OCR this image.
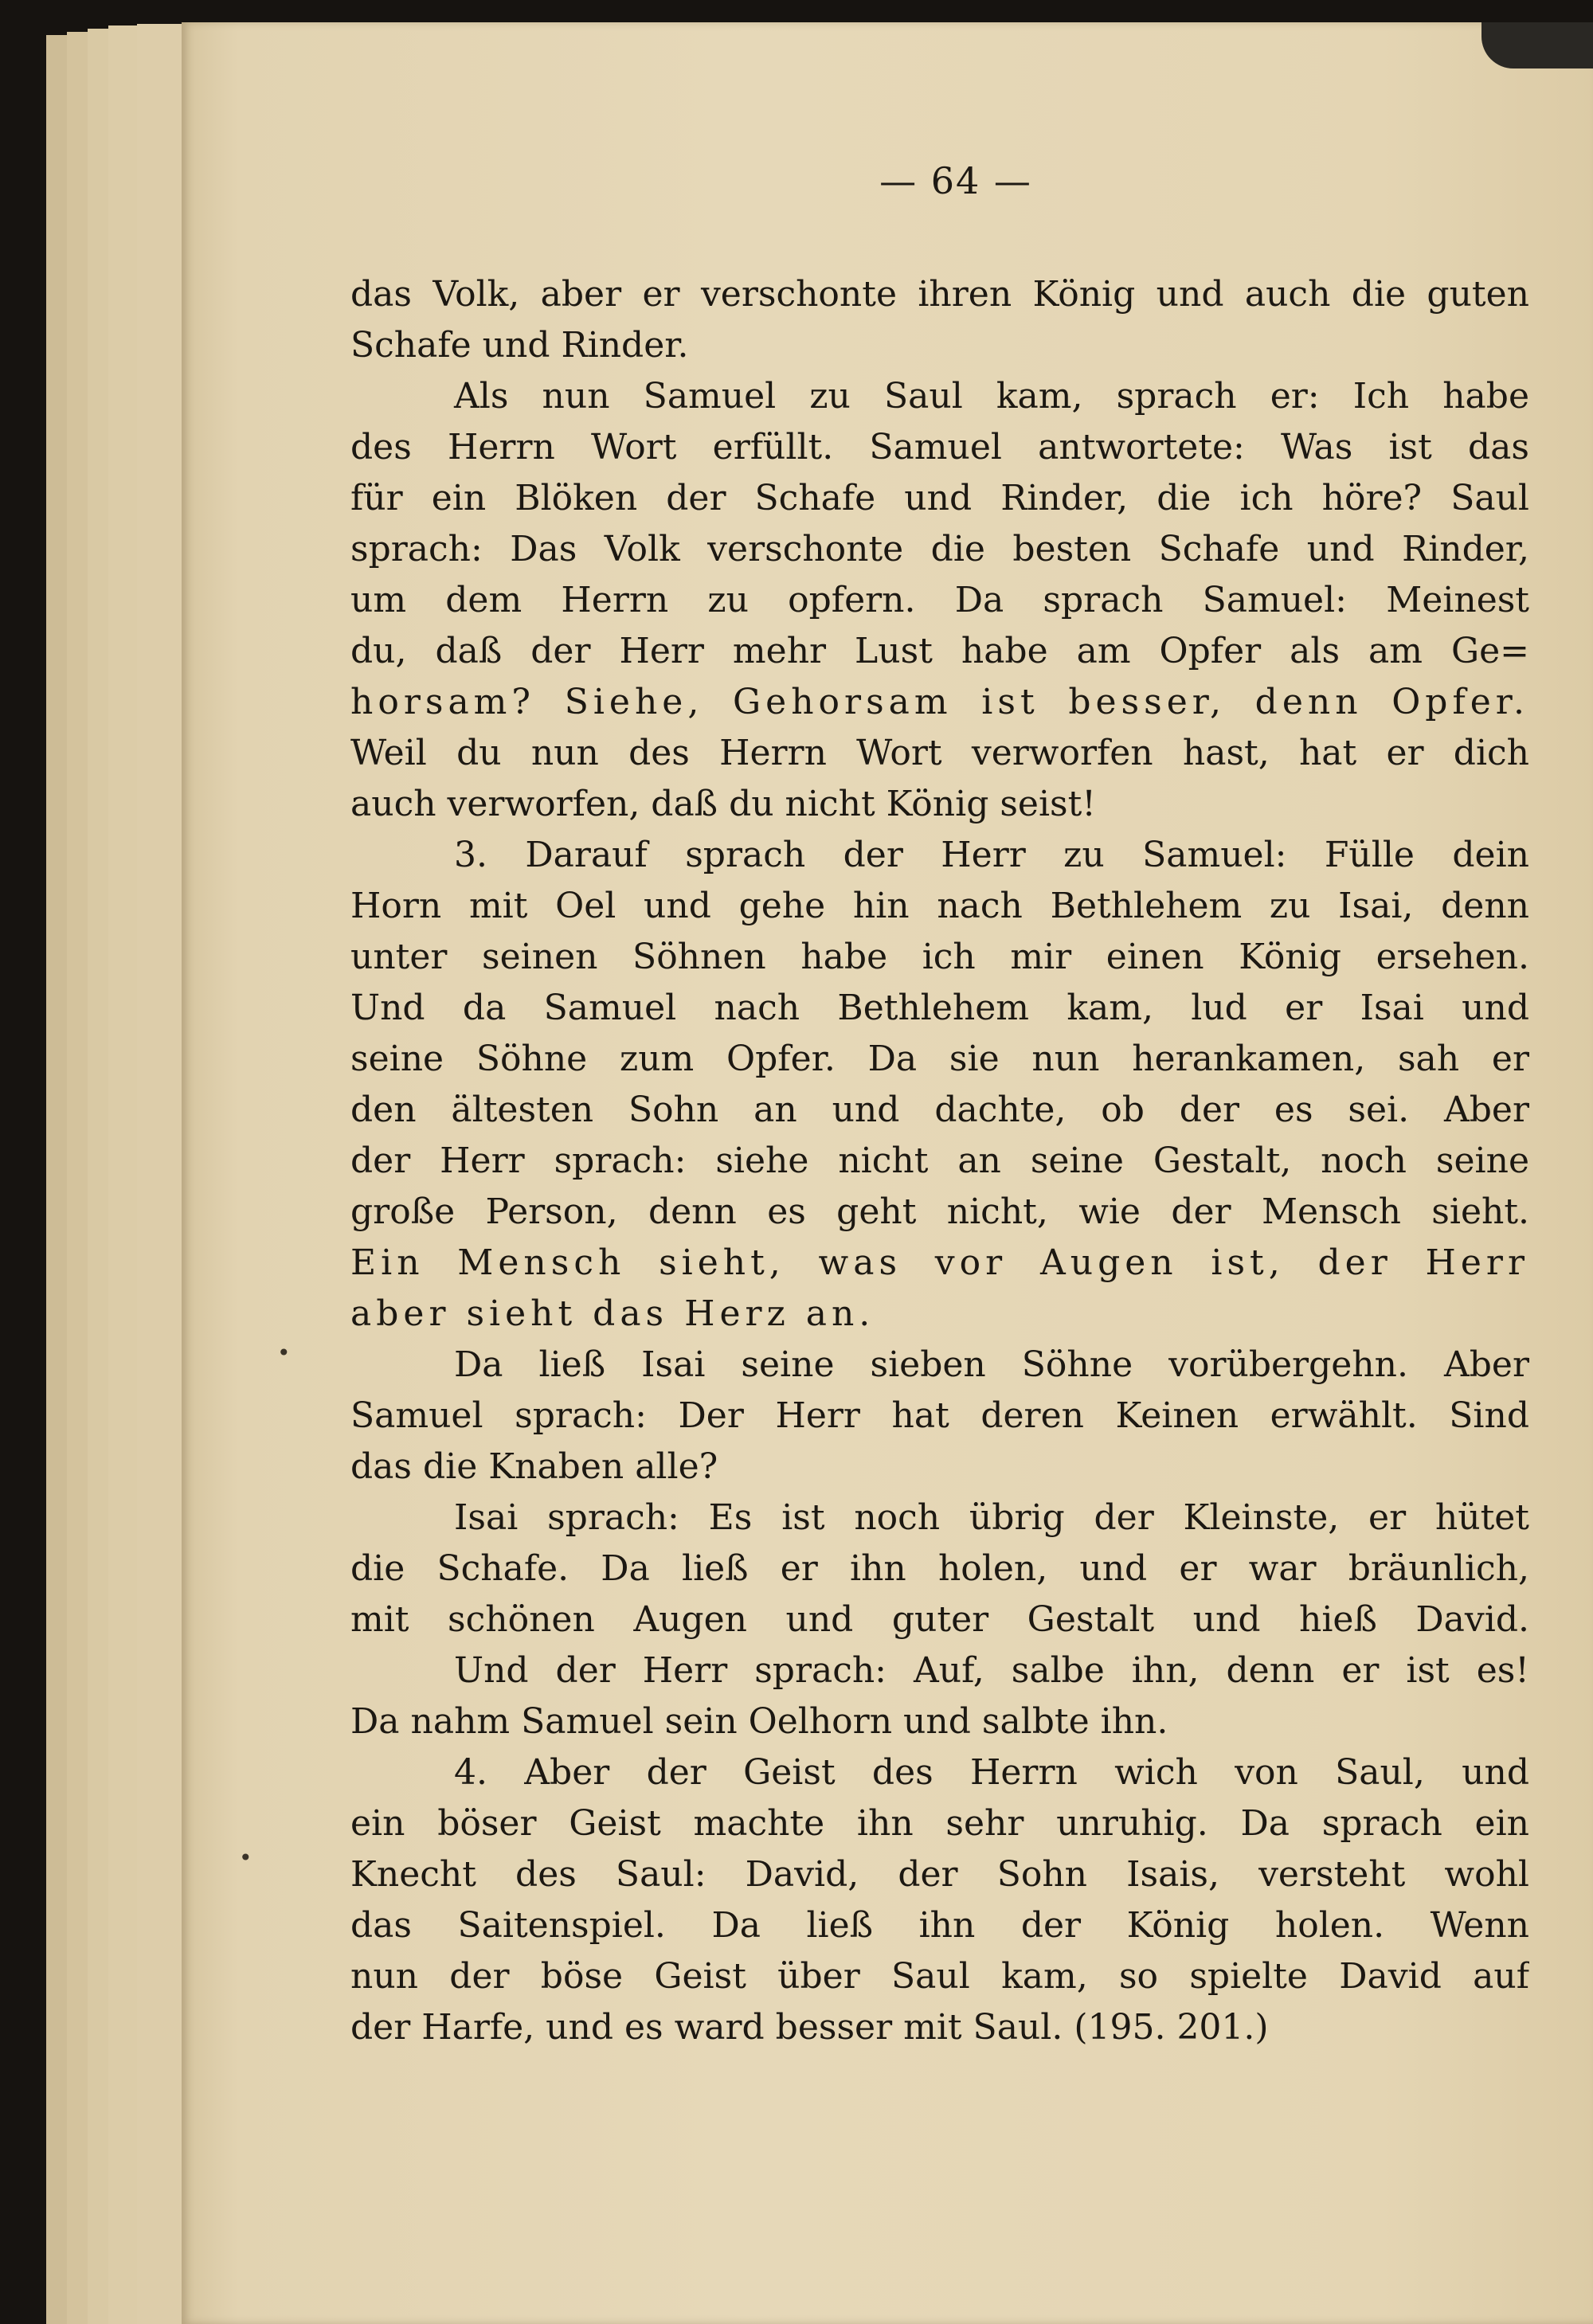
— 64 —
das Volk, aber er verschonte ihren König und auch die guten
Schafe und Rinder.
Als nun Samuel zu Saul kam, sprach er: Ich habe
des Herrn Wort erfüllt. Samuel antwortete: Was ist das
für ein Blöken der Schafe und Rinder, die ich höre? Saul
sprach: Das Volk verschonte die besten Schafe und Rinder,
um dem Herrn zu opfern. Da sprach Samuel: Meinest
du, daß der Herr mehr Lust habe am Opfer als am Ge=
horsam? Siehe, Gehorsam ist besser, denn Opfer.
Weil du nun des Herrn Wort verworfen hast, hat er dich
auch verworfen, daß du nicht König seist!
3. Darauf sprach der Herr zu Samuel: Fülle dein
Horn mit Oel und gehe hin nach Bethlehem zu Isai, denn
unter seinen Söhnen habe ich mir einen König ersehen.
Und da Samuel nach Bethlehem kam, lud er Isai und
seine Söhne zum Opfer. Da sie nun herankamen, sah er
den ältesten Sohn an und dachte, ob der es sei. Aber
der Herr sprach: siehe nicht an seine Gestalt, noch seine
große Person, denn es geht nicht, wie der Mensch sieht.
Ein Mensch sieht, was vor Augen ist, der Herr
aber sieht das Herz an.
Da ließ Isai seine sieben Söhne vorübergehn. Aber
Samuel sprach: Der Herr hat deren Keinen erwählt. Sind
das die Knaben alle?
Isai sprach: Es ist noch übrig der Kleinste, er hütet
die Schafe. Da ließ er ihn holen, und er war bräunlich,
mit schönen Augen und guter Gestalt und hieß David.
Und der Herr sprach: Auf, salbe ihn, denn er ist es!
Da nahm Samuel sein Oelhorn und salbte ihn.
4. Aber der Geist des Herrn wich von Saul, und
ein böser Geist machte ihn sehr unruhig. Da sprach ein
Knecht des Saul: David, der Sohn Isais, versteht wohl
das Saitenspiel. Da ließ ihn der König holen. Wenn
nun der böse Geist über Saul kam, so spielte David auf
der Harfe, und es ward besser mit Saul. (195. 201.)
•
•
